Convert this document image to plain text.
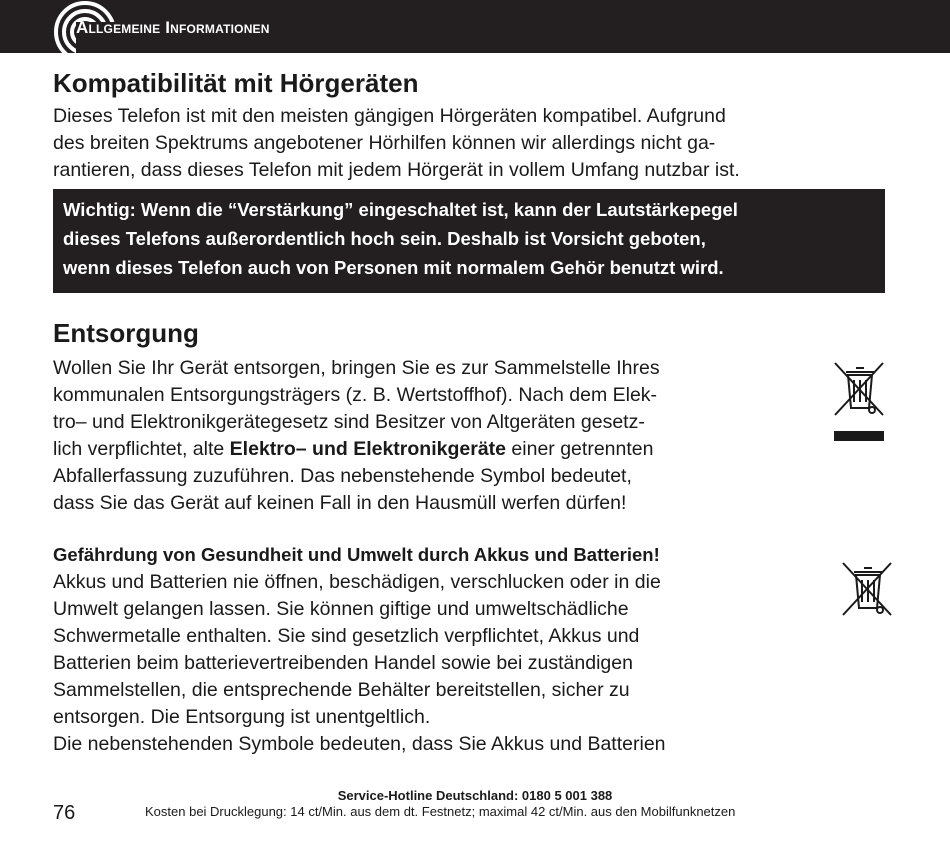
Allgemeine Informationen
Kompatibilität mit Hörgeräten
Dieses Telefon ist mit den meisten gängigen Hörgeräten kompatibel. Aufgrund
des breiten Spektrums angebotener Hörhilfen können wir allerdings nicht ga-
rantieren, dass dieses Telefon mit jedem Hörgerät in vollem Umfang nutzbar ist.
Wichtig: Wenn die “Verstärkung” eingeschaltet ist, kann der Lautstärkepegel
dieses Telefons außerordentlich hoch sein. Deshalb ist Vorsicht geboten,
wenn dieses Telefon auch von Personen mit normalem Gehör benutzt wird.
Entsorgung
Wollen Sie Ihr Gerät entsorgen, bringen Sie es zur Sammelstelle Ihres
kommunalen Entsorgungsträgers (z. B. Wertstoffhof). Nach dem Elek-
tro– und Elektronikgerätegesetz sind Besitzer von Altgeräten gesetz-
lich verpflichtet, alte Elektro– und Elektronikgeräte einer getrennten
Abfallerfassung zuzuführen. Das nebenstehende Symbol bedeutet,
dass Sie das Gerät auf keinen Fall in den Hausmüll werfen dürfen!
Gefährdung von Gesundheit und Umwelt durch Akkus und Batterien!
Akkus und Batterien nie öffnen, beschädigen, verschlucken oder in die
Umwelt gelangen lassen. Sie können giftige und umweltschädliche
Schwermetalle enthalten. Sie sind gesetzlich verpflichtet, Akkus und
Batterien beim batterievertreibenden Handel sowie bei zuständigen
Sammelstellen, die entsprechende Behälter bereitstellen, sicher zu
entsorgen. Die Entsorgung ist unentgeltlich.
Die nebenstehenden Symbole bedeuten, dass Sie Akkus und Batterien
Service-Hotline Deutschland: 0180 5 001 388
Kosten bei Drucklegung: 14 ct/Min. aus dem dt. Festnetz; maximal 42 ct/Min. aus den Mobilfunknetzen
76
